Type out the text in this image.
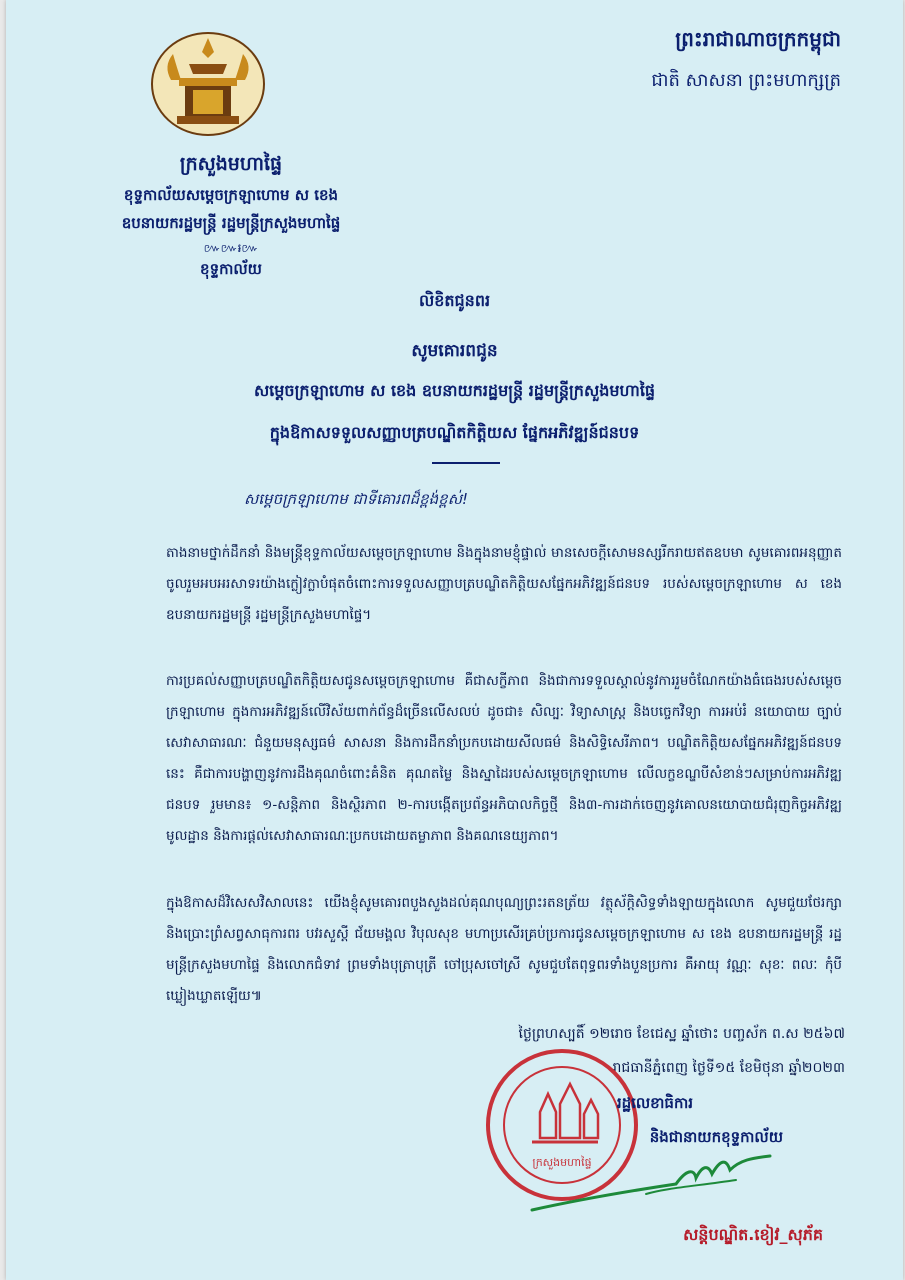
ព្រះរាជាណាចក្រកម្ពុជា
ជាតិ សាសនា ព្រះមហាក្សត្រ
ក្រសួងមហាផ្ទៃ
ខុទ្ទកាល័យសម្តេចក្រឡាហោម ស ខេង
ឧបនាយករដ្ឋមន្ត្រី រដ្ឋមន្ត្រីក្រសួងមហាផ្ទៃ
៚៚៛៚
ខុទ្ទកាល័យ
លិខិតជូនពរ
សូមគោរពជូន
សម្តេចក្រឡាហោម ស ខេង ឧបនាយករដ្ឋមន្ត្រី រដ្ឋមន្ត្រីក្រសួងមហាផ្ទៃ
ក្នុងឱកាសទទួលសញ្ញាបត្របណ្ឌិតកិត្តិយស ផ្នែកអភិវឌ្ឍន៍ជនបទ
សម្តេចក្រឡាហោម ជាទីគោរពដ៏ខ្ពង់ខ្ពស់!
តាងនាមថ្នាក់ដឹកនាំ និងមន្ត្រីខុទ្ទកាល័យសម្តេចក្រឡាហោម និងក្នុងនាមខ្ញុំផ្ទាល់ មានសេចក្តីសោមនស្សរីករាយឥតឧបមា សូមគោរពអនុញ្ញាតចូលរួមអបអរសាទរយ៉ាងក្លៀវក្លាបំផុតចំពោះការទទួលសញ្ញាបត្របណ្ឌិតកិត្តិយសផ្នែកអភិវឌ្ឍន៍ជនបទ របស់សម្តេចក្រឡាហោម ស ខេង ឧបនាយករដ្ឋមន្ត្រី រដ្ឋមន្ត្រីក្រសួងមហាផ្ទៃ។
ការប្រគល់សញ្ញាបត្របណ្ឌិតកិត្តិយសជូនសម្តេចក្រឡាហោម គឺជាសក្ខីភាព និងជាការទទួលស្គាល់នូវការរួមចំណែកយ៉ាងធំធេងរបស់សម្តេចក្រឡាហោម ក្នុងការអភិវឌ្ឍន៍លើវិស័យពាក់ព័ន្ធដ៏ច្រើនលើសលប់ ដូចជា៖ សិល្បៈ វិទ្យាសាស្ត្រ និងបច្ចេកវិទ្យា ការអប់រំ នយោបាយ ច្បាប់ សេវាសាធារណៈ ជំនួយមនុស្សធម៌ សាសនា និងការដឹកនាំប្រកបដោយសីលធម៌ និងសិទ្ធិសេរីភាព។ បណ្ឌិតកិត្តិយសផ្នែកអភិវឌ្ឍន៍ជនបទនេះ គឺជាការបង្ហាញនូវការដឹងគុណចំពោះគំនិត គុណតម្លៃ និងស្នាដៃរបស់សម្តេចក្រឡាហោម លើលក្ខខណ្ឌបីសំខាន់ៗសម្រាប់ការអភិវឌ្ឍជនបទ រួមមាន៖ ១-សន្តិភាព និងស្ថិរភាព ២-ការបង្កើតប្រព័ន្ធអភិបាលកិច្ចថ្មី និង៣-ការដាក់ចេញនូវគោលនយោបាយជំរុញកិច្ចអភិវឌ្ឍមូលដ្ឋាន និងការផ្តល់សេវាសាធារណៈប្រកបដោយតម្លាភាព និងគណនេយ្យភាព។
ក្នុងឱកាសដ៏វិសេសវិសាលនេះ យើងខ្ញុំសូមគោរពបួងសួងដល់គុណបុណ្យព្រះរតនត្រ័យ វត្ថុស័ក្តិសិទ្ធទាំងឡាយក្នុងលោក សូមជួយថែរក្សា និងប្រោះព្រំសព្វសាធុការពរ បវរសួស្តី ជ័យមង្គល វិបុលសុខ មហាប្រសើរគ្រប់ប្រការជូនសម្តេចក្រឡាហោម ស ខេង ឧបនាយករដ្ឋមន្ត្រី រដ្ឋមន្ត្រីក្រសួងមហាផ្ទៃ និងលោកជំទាវ ព្រមទាំងបុត្រាបុត្រី ចៅប្រុសចៅស្រី សូមជួបតែពុទ្ធពរទាំងបួនប្រការ គឺអាយុ វណ្ណៈ សុខៈ ពលៈ កុំបីឃ្លៀងឃ្លាតឡើយ៕
ថ្ងៃព្រហស្បតិ៍ ១២រោច ខែជេស្ឋ ឆ្នាំថោះ បញ្ចស័ក ព.ស ២៥៦៧
រាជធានីភ្នំពេញ ថ្ងៃទី១៥ ខែមិថុនា ឆ្នាំ២០២៣
ក្រសួងមហាផ្ទៃ
រដ្ឋលេខាធិការ
និងជានាយកខុទ្ទកាល័យ
សន្តិបណ្ឌិត.ខៀវ_សុភ័គ
